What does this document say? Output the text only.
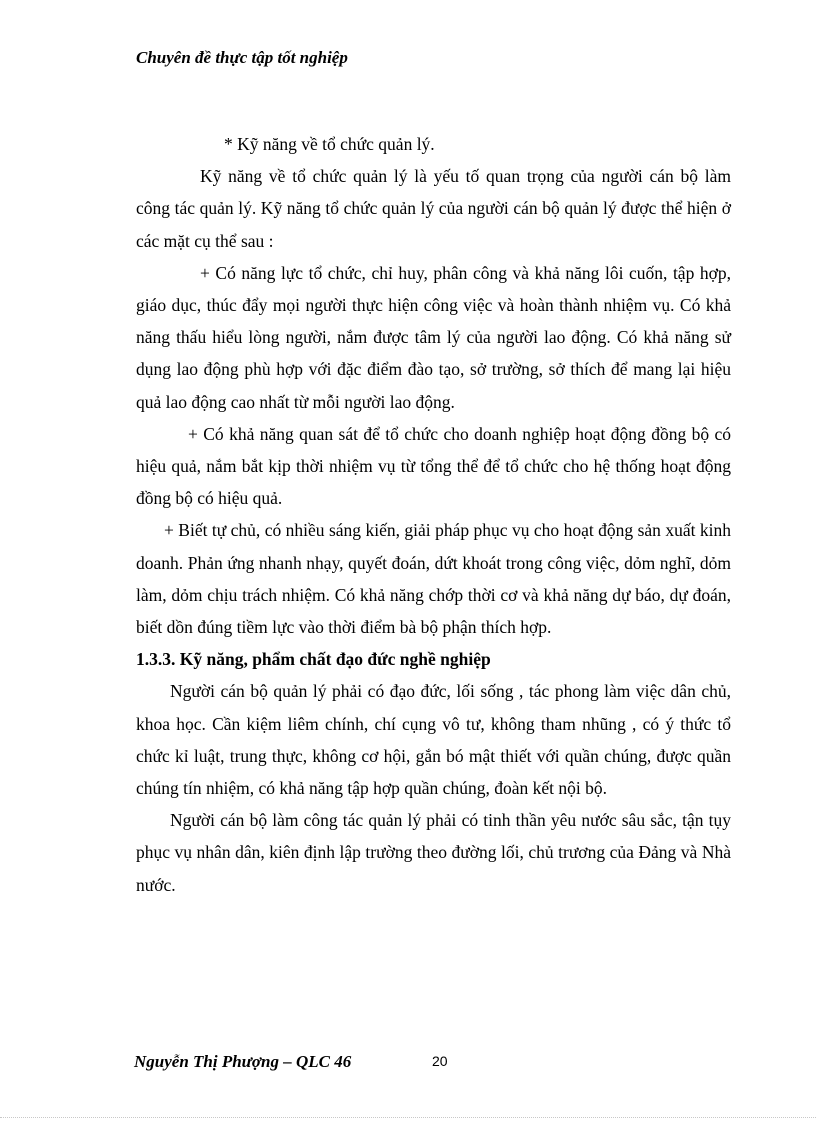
Chuyên đề thực tập tốt nghiệp

* Kỹ năng về tổ chức quản lý.

Kỹ năng về tổ chức quản lý là yếu tố quan trọng của người cán bộ làm công tác quản lý. Kỹ năng tổ chức quản lý của người cán bộ quản lý được thể hiện ở các mặt cụ thể sau :

+ Có năng lực tổ chức, chỉ huy, phân công và khả năng lôi cuốn, tập hợp, giáo dục, thúc đẩy mọi người thực hiện công việc và hoàn thành nhiệm vụ. Có khả năng thấu hiểu lòng người, nắm được tâm lý của người lao động. Có khả năng sử dụng lao động phù hợp với đặc điểm đào tạo, sở trường, sở thích để mang lại hiệu quả lao động cao nhất từ mỗi người lao động.

+ Có khả năng quan sát để tổ chức cho doanh nghiệp hoạt động đồng bộ có hiệu quả, nắm bắt kịp thời nhiệm vụ từ tổng thể để tổ chức cho hệ thống hoạt động đồng bộ có hiệu quả.

+ Biết tự chủ, có nhiều sáng kiến, giải pháp phục vụ cho hoạt động sản xuất kinh doanh. Phản ứng nhanh nhạy, quyết đoán, dứt khoát trong công việc, dỏm nghĩ, dỏm làm, dỏm chịu trách nhiệm. Có khả năng chớp thời cơ và khả năng dự báo, dự đoán, biết dồn đúng tiềm lực vào thời điểm bà bộ phận thích hợp.

1.3.3. Kỹ năng, phẩm chất đạo đức nghề nghiệp

Người cán bộ quản lý phải có đạo đức, lối sống , tác phong làm việc dân chủ, khoa học. Cần kiệm liêm chính, chí cụng vô tư, không tham nhũng , có ý thức tổ chức kỉ luật, trung thực, không cơ hội, gắn bó mật thiết với quần chúng, được quần chúng tín nhiệm, có khả năng tập hợp quần chúng, đoàn kết nội bộ.

Người cán bộ làm công tác quản lý phải có tinh thần yêu nước sâu sắc, tận tụy phục vụ nhân dân, kiên định lập trường theo đường lối, chủ trương của Đảng và Nhà nước.

Nguyễn Thị Phượng – QLC 46	20
